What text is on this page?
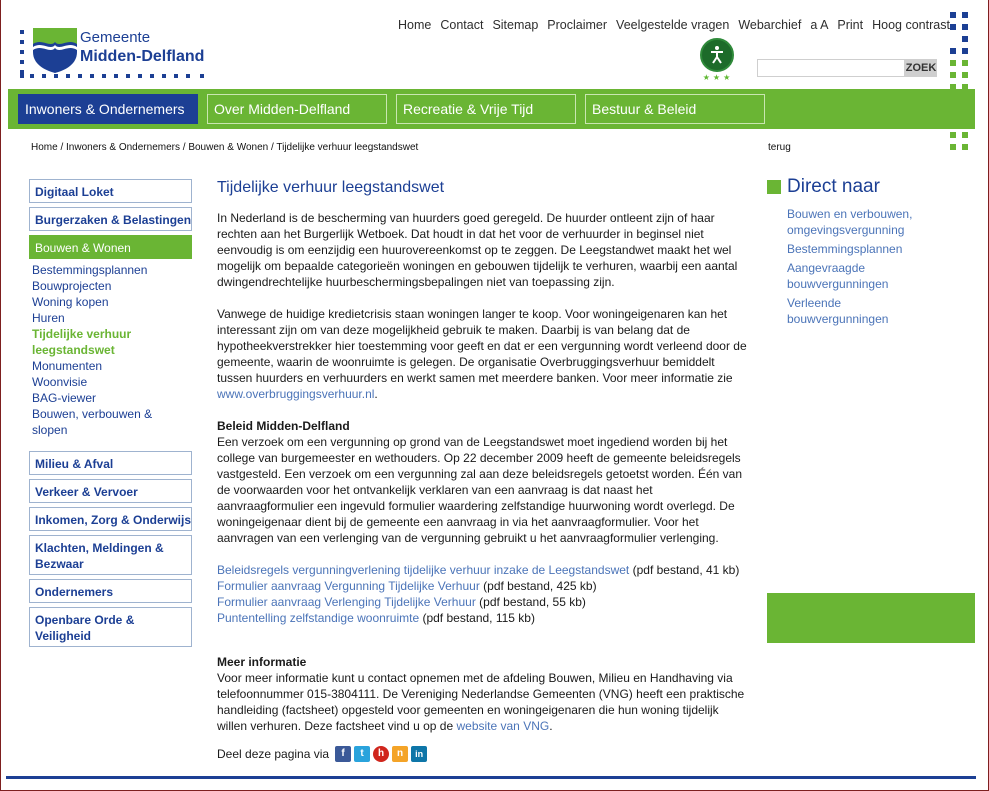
Gemeente
Midden-Delfland
Home Contact Sitemap Proclaimer Veelgestelde vragen Webarchief a A Print Hoog contrast
★★★
ZOEK
Inwoners & Ondernemers	Over Midden-Delfland	Recreatie & Vrije Tijd	Bestuur & Beleid
Home / Inwoners & Ondernemers / Bouwen & Wonen / Tijdelijke verhuur leegstandswet	terug
Digitaal Loket
Burgerzaken & Belastingen
Bouwen & Wonen
Bestemmingsplannen
Bouwprojecten
Woning kopen
Huren
Tijdelijke verhuur leegstandswet
Monumenten
Woonvisie
BAG-viewer
Bouwen, verbouwen & slopen
Milieu & Afval
Verkeer & Vervoer
Inkomen, Zorg & Onderwijs
Klachten, Meldingen & Bezwaar
Ondernemers
Openbare Orde & Veiligheid
Tijdelijke verhuur leegstandswet

In Nederland is de bescherming van huurders goed geregeld. De huurder ontleent zijn of haar rechten aan het Burgerlijk Wetboek. Dat houdt in dat het voor de verhuurder in beginsel niet eenvoudig is om eenzijdig een huurovereenkomst op te zeggen. De Leegstandwet maakt het wel mogelijk om bepaalde categorieën woningen en gebouwen tijdelijk te verhuren, waarbij een aantal dwingendrechtelijke huurbeschermingsbepalingen niet van toepassing zijn.

Vanwege de huidige kredietcrisis staan woningen langer te koop. Voor woningeigenaren kan het interessant zijn om van deze mogelijkheid gebruik te maken. Daarbij is van belang dat de hypotheekverstrekker hier toestemming voor geeft en dat er een vergunning wordt verleend door de gemeente, waarin de woonruimte is gelegen. De organisatie Overbruggingsverhuur bemiddelt tussen huurders en verhuurders en werkt samen met meerdere banken. Voor meer informatie zie www.overbruggingsverhuur.nl.

Beleid Midden-Delfland

Een verzoek om een vergunning op grond van de Leegstandswet moet ingediend worden bij het college van burgemeester en wethouders. Op 22 december 2009 heeft de gemeente beleidsregels vastgesteld. Een verzoek om een vergunning zal aan deze beleidsregels getoetst worden. Één van de voorwaarden voor het ontvankelijk verklaren van een aanvraag is dat naast het aanvraagformulier een ingevuld formulier waardering zelfstandige huurwoning wordt overlegd. De woningeigenaar dient bij de gemeente een aanvraag in via het aanvraagformulier. Voor het aanvragen van een verlenging van de vergunning gebruikt u het aanvraagformulier verlenging.

Beleidsregels vergunningverlening tijdelijke verhuur inzake de Leegstandswet (pdf bestand, 41 kb)
Formulier aanvraag Vergunning Tijdelijke Verhuur (pdf bestand, 425 kb)
Formulier aanvraag Verlenging Tijdelijke Verhuur (pdf bestand, 55 kb)
Puntentelling zelfstandige woonruimte (pdf bestand, 115 kb)
Meer informatie

Voor meer informatie kunt u contact opnemen met de afdeling Bouwen, Milieu en Handhaving via telefoonnummer 015-3804111. De Vereniging Nederlandse Gemeenten (VNG) heeft een praktische handleiding (factsheet) opgesteld voor gemeenten en woningeigenaren die hun woning tijdelijk willen verhuren. Deze factsheet vind u op de website van VNG.

Deel deze pagina via	f	t	h	n	in
Direct naar
Bouwen en verbouwen, omgevingsvergunning
Bestemmingsplannen
Aangevraagde bouwvergunningen
Verleende bouwvergunningen
